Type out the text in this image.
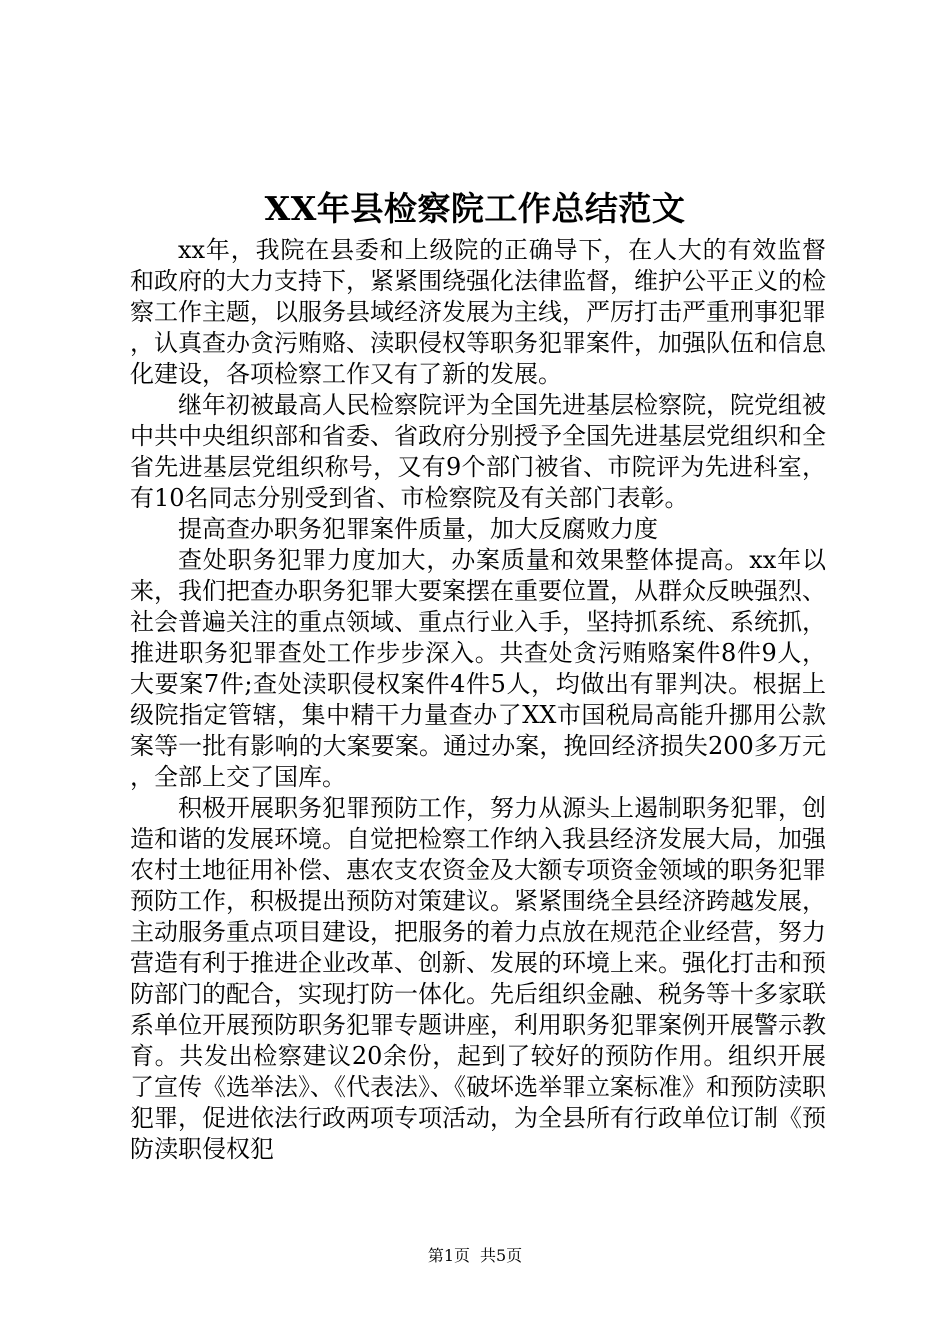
XX年县检察院工作总结范文

xx年，我院在县委和上级院的正确导下，在人大的有效监督和政府的大力支持下，紧紧围绕强化法律监督，维护公平正义的检察工作主题，以服务县域经济发展为主线，严厉打击严重刑事犯罪，认真查办贪污贿赂、渎职侵权等职务犯罪案件，加强队伍和信息化建设，各项检察工作又有了新的发展。

继年初被最高人民检察院评为全国先进基层检察院，院党组被中共中央组织部和省委、省政府分别授予全国先进基层党组织和全省先进基层党组织称号，又有9个部门被省、市院评为先进科室，有10名同志分别受到省、市检察院及有关部门表彰。

提高查办职务犯罪案件质量，加大反腐败力度

查处职务犯罪力度加大，办案质量和效果整体提高。xx年以来，我们把查办职务犯罪大要案摆在重要位置，从群众反映强烈、社会普遍关注的重点领域、重点行业入手，坚持抓系统、系统抓，推进职务犯罪查处工作步步深入。共查处贪污贿赂案件8件9人，大要案7件;查处渎职侵权案件4件5人，均做出有罪判决。根据上级院指定管辖，集中精干力量查办了XX市国税局高能升挪用公款案等一批有影响的大案要案。通过办案，挽回经济损失200多万元，全部上交了国库。

积极开展职务犯罪预防工作，努力从源头上遏制职务犯罪，创造和谐的发展环境。自觉把检察工作纳入我县经济发展大局，加强农村土地征用补偿、惠农支农资金及大额专项资金领域的职务犯罪预防工作，积极提出预防对策建议。紧紧围绕全县经济跨越发展，主动服务重点项目建设，把服务的着力点放在规范企业经营，努力营造有利于推进企业改革、创新、发展的环境上来。强化打击和预防部门的配合，实现打防一体化。先后组织金融、税务等十多家联系单位开展预防职务犯罪专题讲座，利用职务犯罪案例开展警示教育。共发出检察建议20余份，起到了较好的预防作用。组织开展了宣传《选举法》、《代表法》、《破坏选举罪立案标准》和预防渎职犯罪，促进依法行政两项专项活动，为全县所有行政单位订制《预防渎职侵权犯

第1页 共5页
